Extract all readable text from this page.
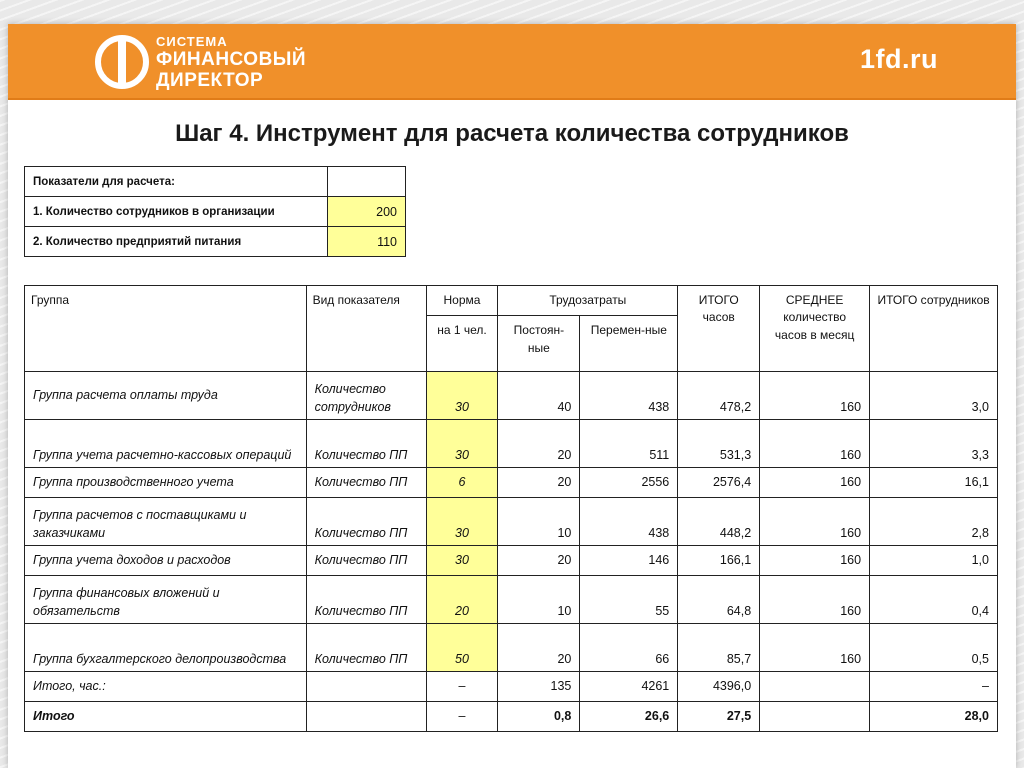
СИСТЕМА
ФИНАНСОВЫЙ
ДИРЕКТОР
1fd.ru
Шаг 4. Инструмент для расчета количества сотрудников
Показатели для расчета:	
1. Количество сотрудников в организации	200
2. Количество предприятий питания	110
Группа	Вид показателя	Норма	Трудозатраты		ИТОГО часов	СРЕДНЕЕ количество часов в месяц	ИТОГО сотрудников
		на 1 чел.	Постоян-ные	Перемен-ные			
Группа расчета оплаты труда	Количество сотрудников	30	40	438	478,2	160	3,0
Группа учета расчетно-кассовых операций	Количество ПП	30	20	511	531,3	160	3,3
Группа производственного учета	Количество ПП	6	20	2556	2576,4	160	16,1
Группа расчетов с поставщиками и заказчиками	Количество ПП	30	10	438	448,2	160	2,8
Группа учета доходов и расходов	Количество ПП	30	20	146	166,1	160	1,0
Группа финансовых вложений и обязательств	Количество ПП	20	10	55	64,8	160	0,4
Группа бухгалтерского делопроизводства	Количество ПП	50	20	66	85,7	160	0,5
Итого, час.:		–	135	4261	4396,0		–
Итого		–	0,8	26,6	27,5		28,0
